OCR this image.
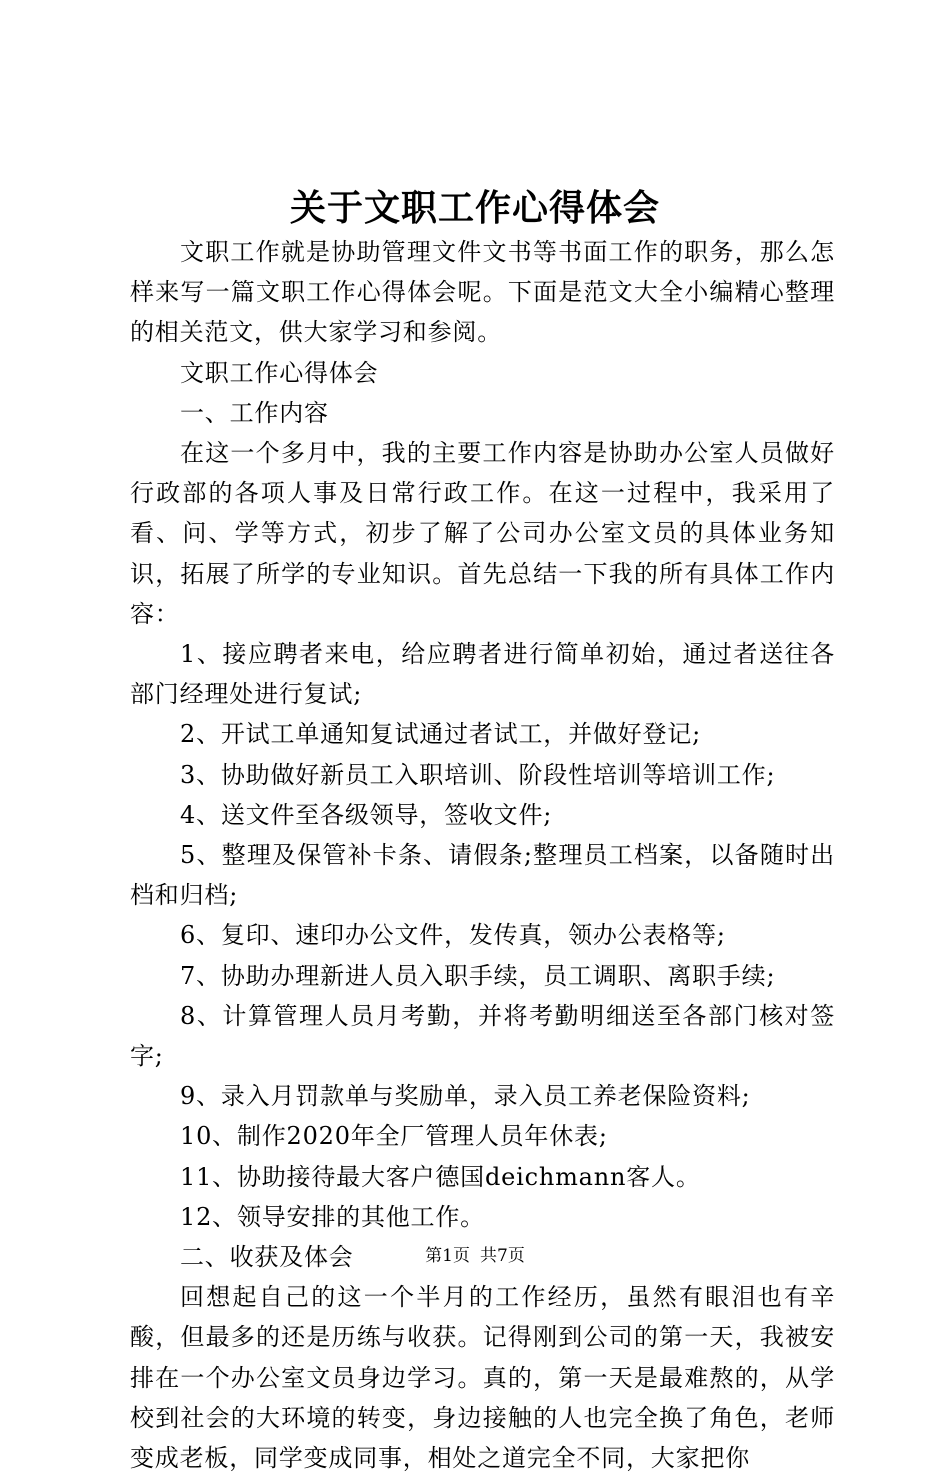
关于文职工作心得体会

文职工作就是协助管理文件文书等书面工作的职务，那么怎样来写一篇文职工作心得体会呢。下面是范文大全小编精心整理的相关范文，供大家学习和参阅。

文职工作心得体会

一、工作内容

在这一个多月中，我的主要工作内容是协助办公室人员做好行政部的各项人事及日常行政工作。在这一过程中，我采用了看、问、学等方式，初步了解了公司办公室文员的具体业务知识，拓展了所学的专业知识。首先总结一下我的所有具体工作内容：

1、接应聘者来电，给应聘者进行简单初始，通过者送往各部门经理处进行复试;

2、开试工单通知复试通过者试工，并做好登记;

3、协助做好新员工入职培训、阶段性培训等培训工作;

4、送文件至各级领导，签收文件;

5、整理及保管补卡条、请假条;整理员工档案，以备随时出档和归档;

6、复印、速印办公文件，发传真，领办公表格等;

7、协助办理新进人员入职手续，员工调职、离职手续;

8、计算管理人员月考勤，并将考勤明细送至各部门核对签字;

9、录入月罚款单与奖励单，录入员工养老保险资料;

10、制作2020年全厂管理人员年休表;

11、协助接待最大客户德国deichmann客人。

12、领导安排的其他工作。

二、收获及体会

回想起自己的这一个半月的工作经历，虽然有眼泪也有辛酸，但最多的还是历练与收获。记得刚到公司的第一天，我被安排在一个办公室文员身边学习。真的，第一天是最难熬的，从学校到社会的大环境的转变，身边接触的人也完全换了角色，老师变成老板，同学变成同事，相处之道完全不同，大家把你

第1页 共7页
